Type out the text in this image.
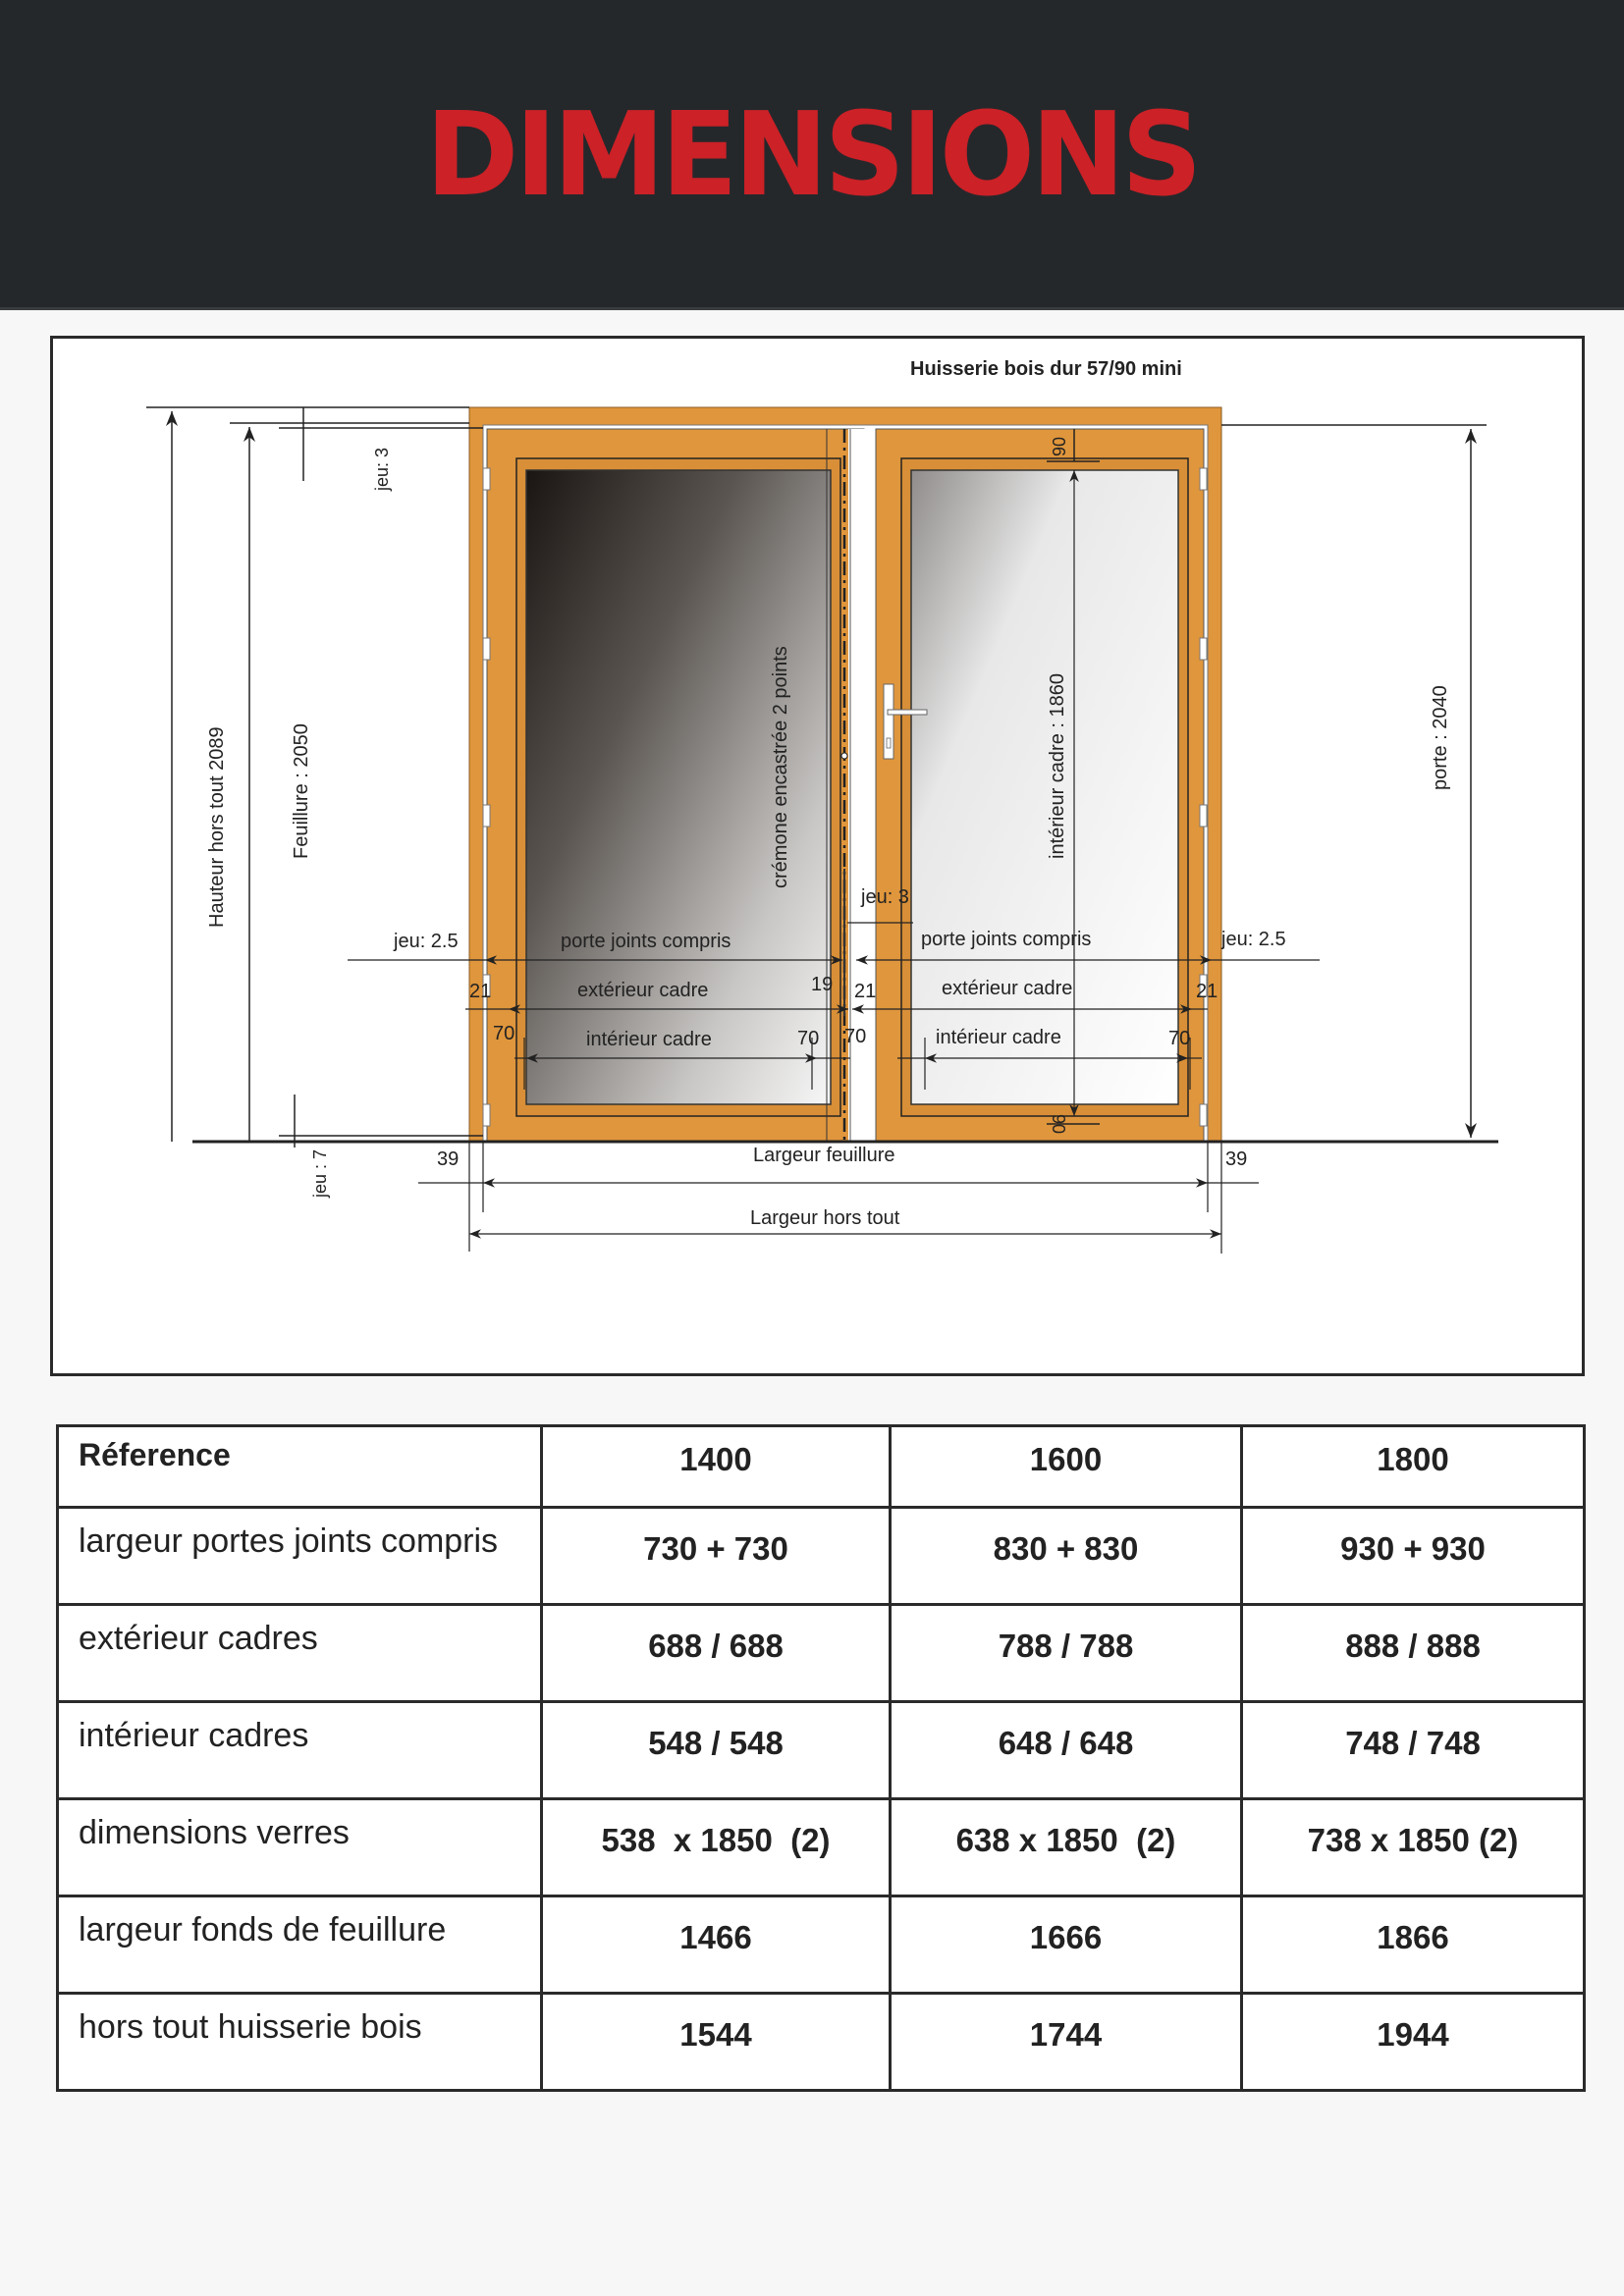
DIMENSIONS
Huisserie bois dur 57/90 mini
Hauteur hors tout 2089	Feuillure : 2050
jeu: 3
jeu : 7
crémone encastrée 2 points	intérieur cadre : 1860
90
90
porte : 2040
jeu: 3
jeu: 2.5	jeu: 2.5
porte joints compris	porte joints compris
extérieur cadre	extérieur cadre
21	19 21	21
intérieur cadre	intérieur cadre
70	70 70	70
39	39
Largeur feuillure
Largeur hors tout
Réference	1400	1600	1800
largeur portes joints compris	730 + 730	830 + 830	930 + 930
extérieur cadres	688 / 688	788 / 788	888 / 888
intérieur cadres	548 / 548	648 / 648	748 / 748
dimensions verres	538  x 1850  (2)	638 x 1850  (2)	738 x 1850 (2)
largeur fonds de feuillure	1466	1666	1866
hors tout huisserie bois	1544	1744	1944
